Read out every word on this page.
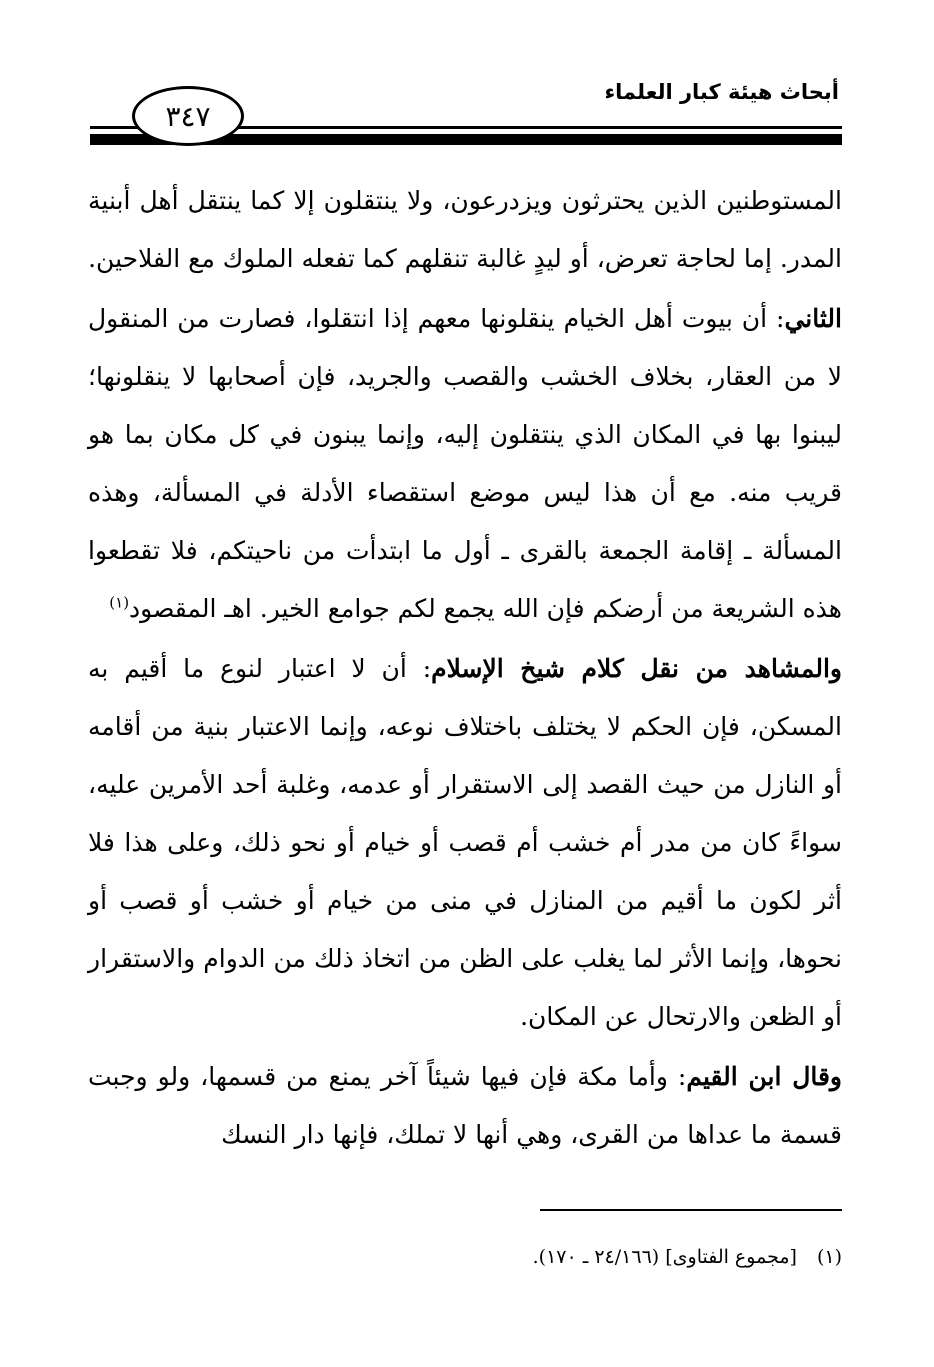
أبحاث هيئة كبار العلماء
٣٤٧

المستوطنين الذين يحترثون ويزدرعون، ولا ينتقلون إلا كما ينتقل أهل أبنية المدر. إما لحاجة تعرض، أو ليدٍ غالبة تنقلهم كما تفعله الملوك مع الفلاحين.

الثاني: أن بيوت أهل الخيام ينقلونها معهم إذا انتقلوا، فصارت من المنقول لا من العقار، بخلاف الخشب والقصب والجريد، فإن أصحابها لا ينقلونها؛ ليبنوا بها في المكان الذي ينتقلون إليه، وإنما يبنون في كل مكان بما هو قريب منه. مع أن هذا ليس موضع استقصاء الأدلة في المسألة، وهذه المسألة ـ إقامة الجمعة بالقرى ـ أول ما ابتدأت من ناحيتكم، فلا تقطعوا هذه الشريعة من أرضكم فإن الله يجمع لكم جوامع الخير. اهـ المقصود$^{(١)}$

والمشاهد من نقل كلام شيخ الإسلام: أن لا اعتبار لنوع ما أقيم به المسكن، فإن الحكم لا يختلف باختلاف نوعه، وإنما الاعتبار بنية من أقامه أو النازل من حيث القصد إلى الاستقرار أو عدمه، وغلبة أحد الأمرين عليه، سواءً كان من مدر أم خشب أم قصب أو خيام أو نحو ذلك، وعلى هذا فلا أثر لكون ما أقيم من المنازل في منى من خيام أو خشب أو قصب أو نحوها، وإنما الأثر لما يغلب على الظن من اتخاذ ذلك من الدوام والاستقرار أو الظعن والارتحال عن المكان.

وقال ابن القيم: وأما مكة فإن فيها شيئاً آخر يمنع من قسمها، ولو وجبت قسمة ما عداها من القرى، وهي أنها لا تملك، فإنها دار النسك

(١)[مجموع الفتاوى] (٢٤/١٦٦ ـ ١٧٠).
